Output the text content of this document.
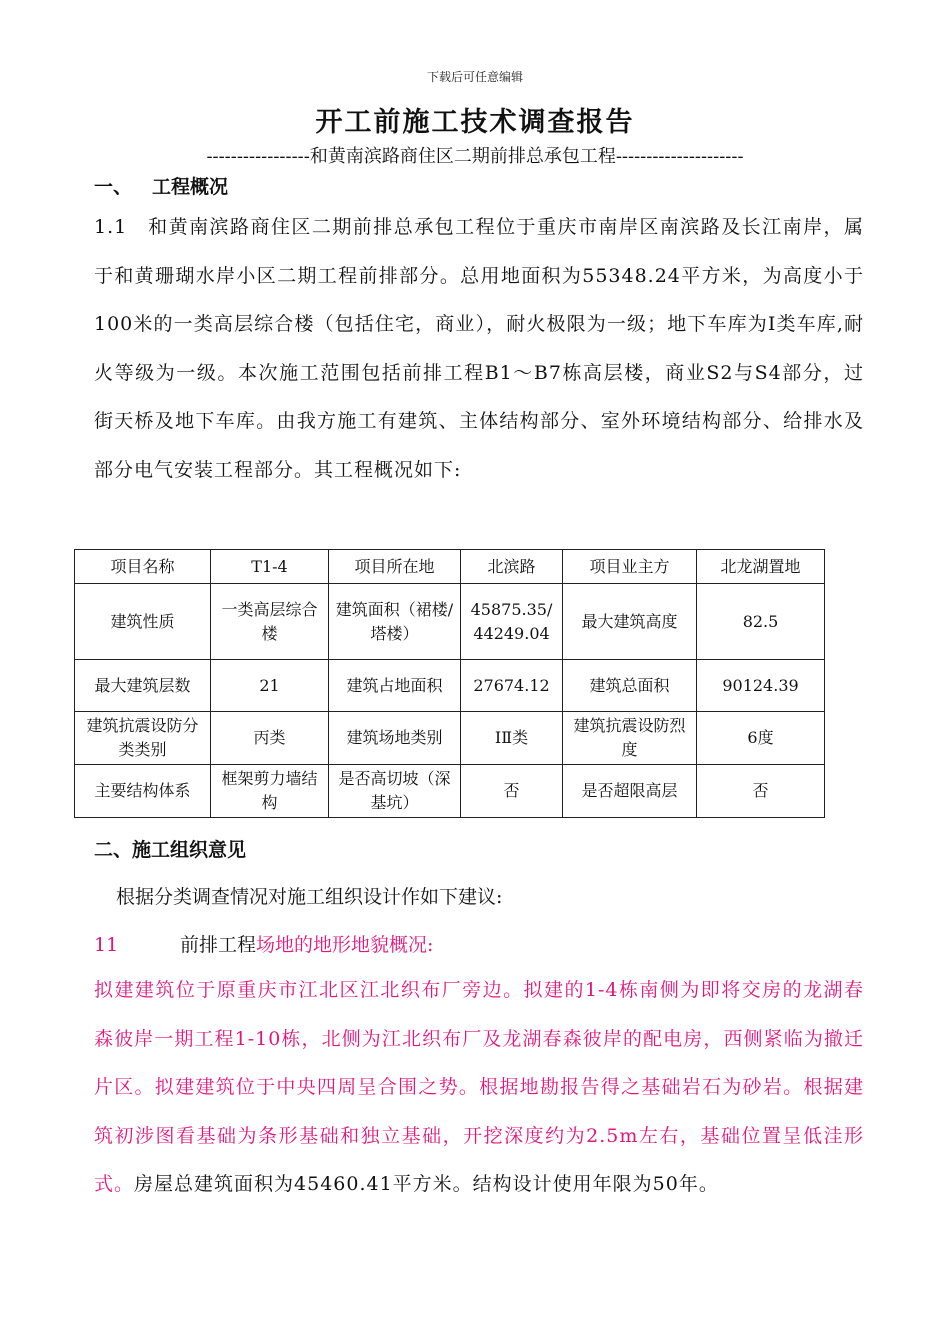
下载后可任意编辑
开工前施工技术调查报告
-----------------和黄南滨路商住区二期前排总承包工程---------------------
一、 工程概况
1.1　和黄南滨路商住区二期前排总承包工程位于重庆市南岸区南滨路及长江南岸，属于和黄珊瑚水岸小区二期工程前排部分。总用地面积为55348.24平方米，为高度小于100米的一类高层综合楼（包括住宅，商业），耐火极限为一级；地下车库为I类车库,耐火等级为一级。本次施工范围包括前排工程B1～B7栋高层楼，商业S2与S4部分，过街天桥及地下车库。由我方施工有建筑、主体结构部分、室外环境结构部分、给排水及部分电气安装工程部分。其工程概况如下:
项目名称	T1-4	项目所在地	北滨路	项目业主方	北龙湖置地
建筑性质	一类高层综合楼	建筑面积（裙楼/塔楼）	45875.35/ 44249.04	最大建筑高度	82.5
最大建筑层数	21	建筑占地面积	27674.12	建筑总面积	90124.39
建筑抗震设防分类类别	丙类	建筑场地类别	ⅠⅡ类	建筑抗震设防烈度	6度
主要结构体系	框架剪力墙结构	是否高切坡（深基坑）	否	是否超限高层	否
二、施工组织意见
根据分类调查情况对施工组织设计作如下建议:
11	前排工程场地的地形地貌概况:
拟建建筑位于原重庆市江北区江北织布厂旁边。拟建的1-4栋南侧为即将交房的龙湖春森彼岸一期工程1-10栋，北侧为江北织布厂及龙湖春森彼岸的配电房，西侧紧临为撤迁片区。拟建建筑位于中央四周呈合围之势。根据地勘报告得之基础岩石为砂岩。根据建筑初涉图看基础为条形基础和独立基础，开挖深度约为2.5m左右，基础位置呈低洼形式。房屋总建筑面积为45460.41平方米。结构设计使用年限为50年。
